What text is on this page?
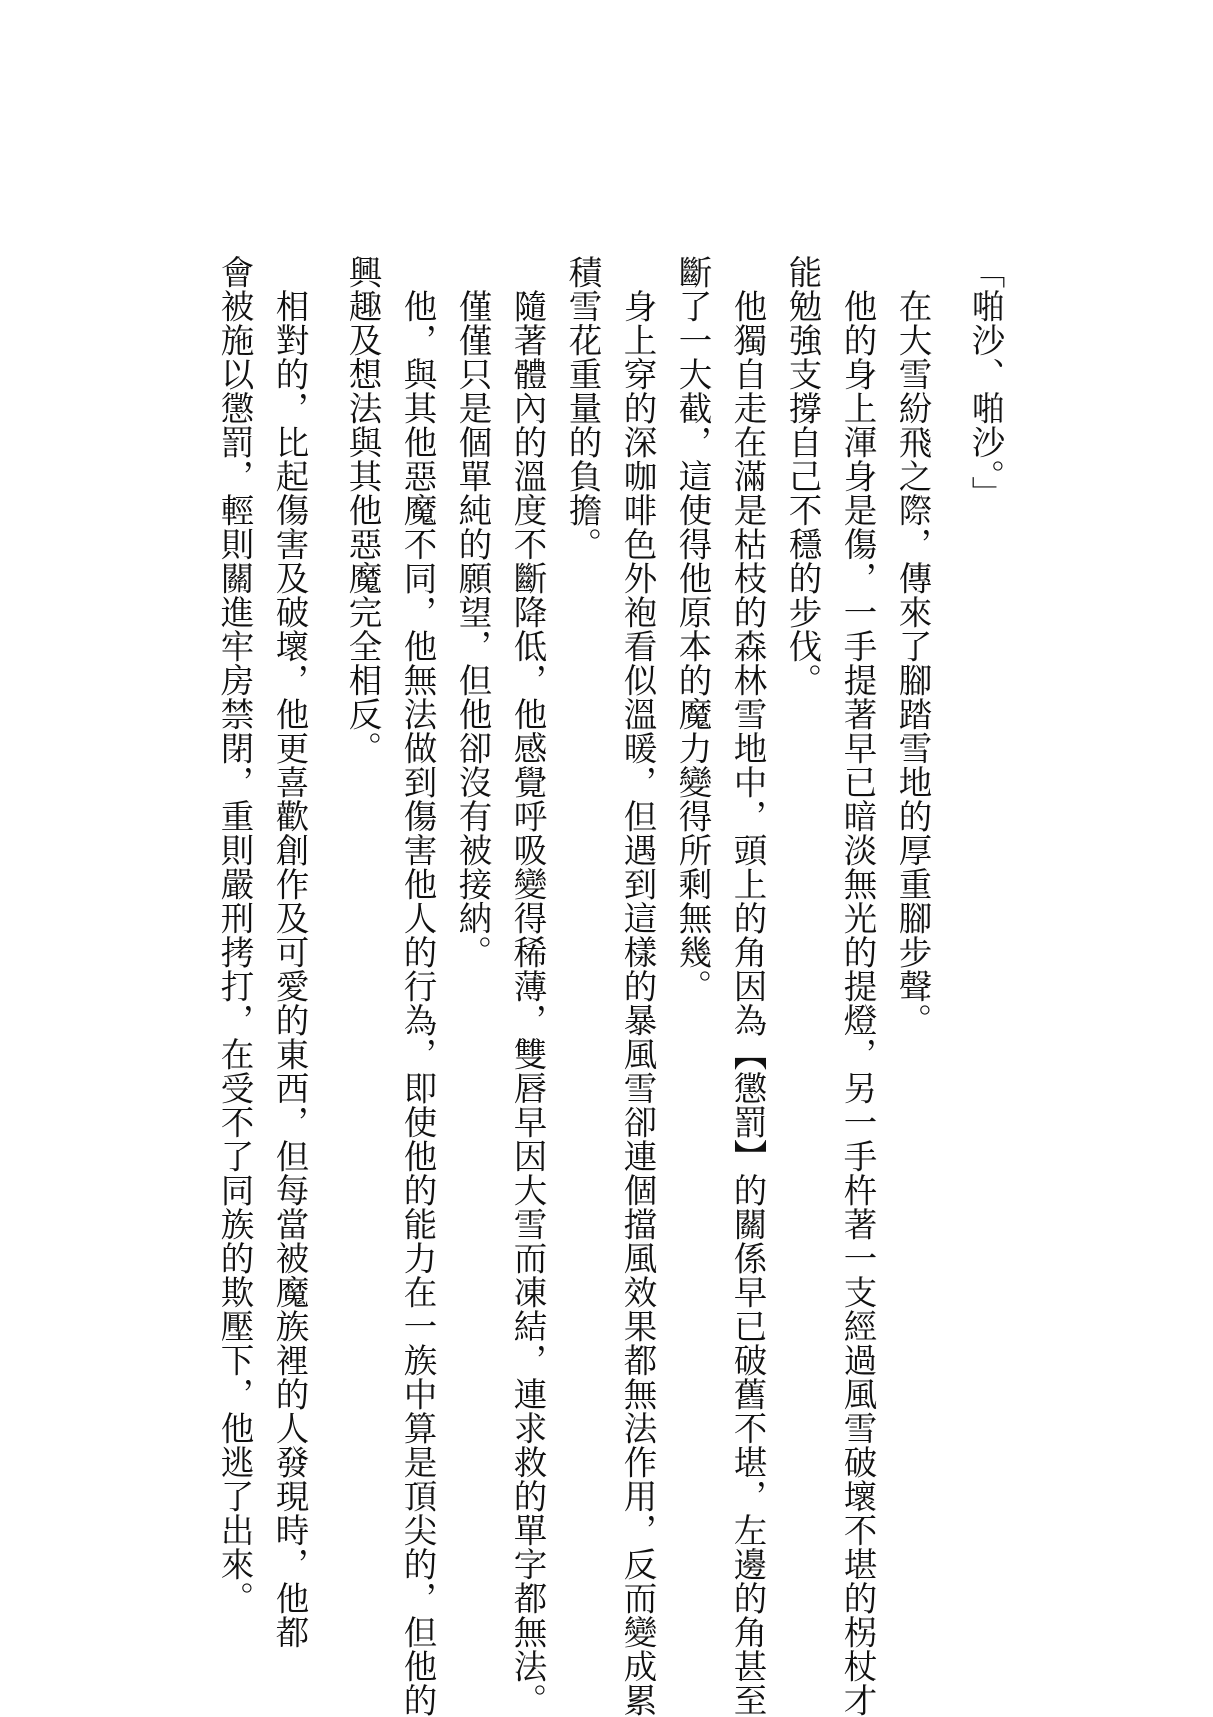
「啪沙、啪沙。」

　在大雪紛飛之際，傳來了腳踏雪地的厚重腳步聲。

　他的身上渾身是傷，一手提著早已暗淡無光的提燈，另一手杵著一支經過風雪破壞不堪的柺杖才
能勉強支撐自己不穩的步伐。

　他獨自走在滿是枯枝的森林雪地中，頭上的角因為【懲罰】的關係早已破舊不堪，左邊的角甚至
斷了一大截，這使得他原本的魔力變得所剩無幾。

　身上穿的深咖啡色外袍看似溫暖，但遇到這樣的暴風雪卻連個擋風效果都無法作用，反而變成累
積雪花重量的負擔。

　隨著體內的溫度不斷降低，他感覺呼吸變得稀薄，雙唇早因大雪而凍結，連求救的單字都無法。

　僅僅只是個單純的願望，但他卻沒有被接納。

　他，與其他惡魔不同，他無法做到傷害他人的行為，即使他的能力在一族中算是頂尖的，但他的
興趣及想法與其他惡魔完全相反。

　相對的，比起傷害及破壞，他更喜歡創作及可愛的東西，但每當被魔族裡的人發現時，他都
會被施以懲罰，輕則關進牢房禁閉，重則嚴刑拷打，在受不了同族的欺壓下，他逃了出來。
